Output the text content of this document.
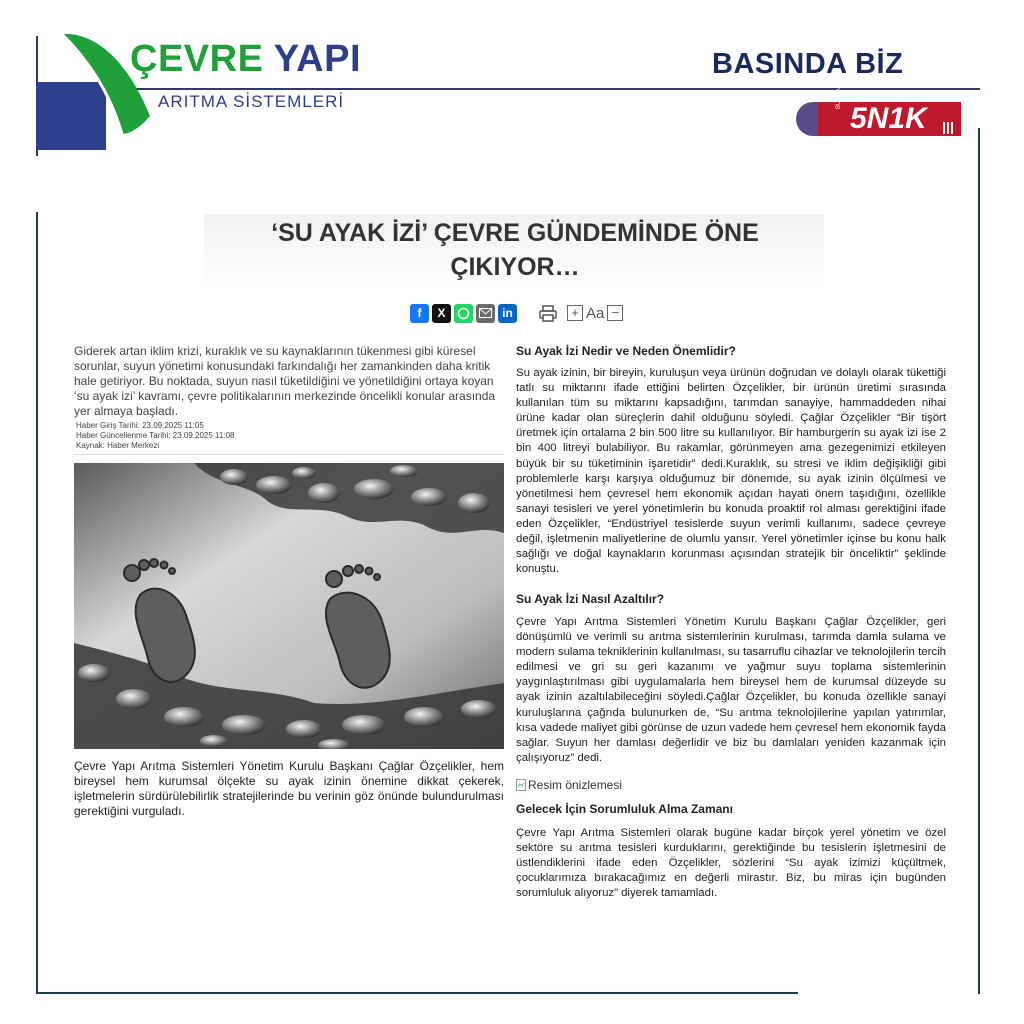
ÇEVRE YAPI
ARITMA SİSTEMLERİ
BASINDA BİZ
BURSA
5N1K
‘SU AYAK İZİ’ ÇEVRE GÜNDEMİNDE ÖNE ÇIKIYOR…
f	X	in	+ Aa −
Giderek artan iklim krizi, kuraklık ve su kaynaklarının tükenmesi gibi küresel sorunlar, suyun yönetimi konusundaki farkındalığı her zamankinden daha kritik hale getiriyor. Bu noktada, suyun nasıl tüketildiğini ve yönetildiğini ortaya koyan ‘su ayak izi’ kavramı, çevre politikalarının merkezinde öncelikli konular arasında yer almaya başladı.
Haber Giriş Tarihi: 23.09.2025 11:05
Haber Güncellenme Tarihi: 23.09.2025 11:08
Kaynak: Haber Merkezi
Çevre Yapı Arıtma Sistemleri Yönetim Kurulu Başkanı Çağlar Özçelikler, hem bireysel hem kurumsal ölçekte su ayak izinin önemine dikkat çekerek, işletmelerin sürdürülebilirlik stratejilerinde bu verinin göz önünde bulundurulması gerektiğini vurguladı.

Su Ayak İzi Nedir ve Neden Önemlidir?

Su ayak izinin, bir bireyin, kuruluşun veya ürünün doğrudan ve dolaylı olarak tükettiği tatlı su miktarını ifade ettiğini belirten Özçelikler, bir ürünün üretimi sırasında kullanılan tüm su miktarını kapsadığını, tarımdan sanayiye, hammaddeden nihai ürüne kadar olan süreçlerin dahil olduğunu söyledi. Çağlar Özçelikler “Bir tişört üretmek için ortalama 2 bin 500 litre su kullanılıyor. Bir hamburgerin su ayak izi ise 2 bin 400 litreyi bulabiliyor. Bu rakamlar, görünmeyen ama gezegenimizi etkileyen büyük bir su tüketiminin işaretidir” dedi.Kuraklık, su stresi ve iklim değişikliği gibi problemlerle karşı karşıya olduğumuz bir dönemde, su ayak izinin ölçülmesi ve yönetilmesi hem çevresel hem ekonomik açıdan hayati önem taşıdığını, özellikle sanayi tesisleri ve yerel yönetimlerin bu konuda proaktif rol alması gerektiğini ifade eden Özçelikler, “Endüstriyel tesislerde suyun verimli kullanımı, sadece çevreye değil, işletmenin maliyetlerine de olumlu yansır. Yerel yönetimler içinse bu konu halk sağlığı ve doğal kaynakların korunması açısından stratejik bir önceliktir” şeklinde konuştu.

Su Ayak İzi Nasıl Azaltılır?

Çevre Yapı Arıtma Sistemleri Yönetim Kurulu Başkanı Çağlar Özçelikler, geri dönüşümlü ve verimli su arıtma sistemlerinin kurulması, tarımda damla sulama ve modern sulama tekniklerinin kullanılması, su tasarruflu cihazlar ve teknolojilerin tercih edilmesi ve gri su geri kazanımı ve yağmur suyu toplama sistemlerinin yaygınlaştırılması gibi uygulamalarla hem bireysel hem de kurumsal düzeyde su ayak izinin azaltılabileceğini söyledi.Çağlar Özçelikler, bu konuda özellikle sanayi kuruluşlarına çağrıda bulunurken de, “Su arıtma teknolojilerine yapılan yatırımlar, kısa vadede maliyet gibi görünse de uzun vadede hem çevresel hem ekonomik fayda sağlar. Suyun her damlası değerlidir ve biz bu damlaları yeniden kazanmak için çalışıyoruz” dedi.

Resim önizlemesi

Gelecek İçin Sorumluluk Alma Zamanı

Çevre Yapı Arıtma Sistemleri olarak bugüne kadar birçok yerel yönetim ve özel sektöre su arıtma tesisleri kurduklarını, gerektiğinde bu tesislerin işletmesini de üstlendiklerini ifade eden Özçelikler, sözlerini “Su ayak izimizi küçültmek, çocuklarımıza bırakacağımız en değerli mirastır. Biz, bu miras için bugünden sorumluluk alıyoruz” diyerek tamamladı.
